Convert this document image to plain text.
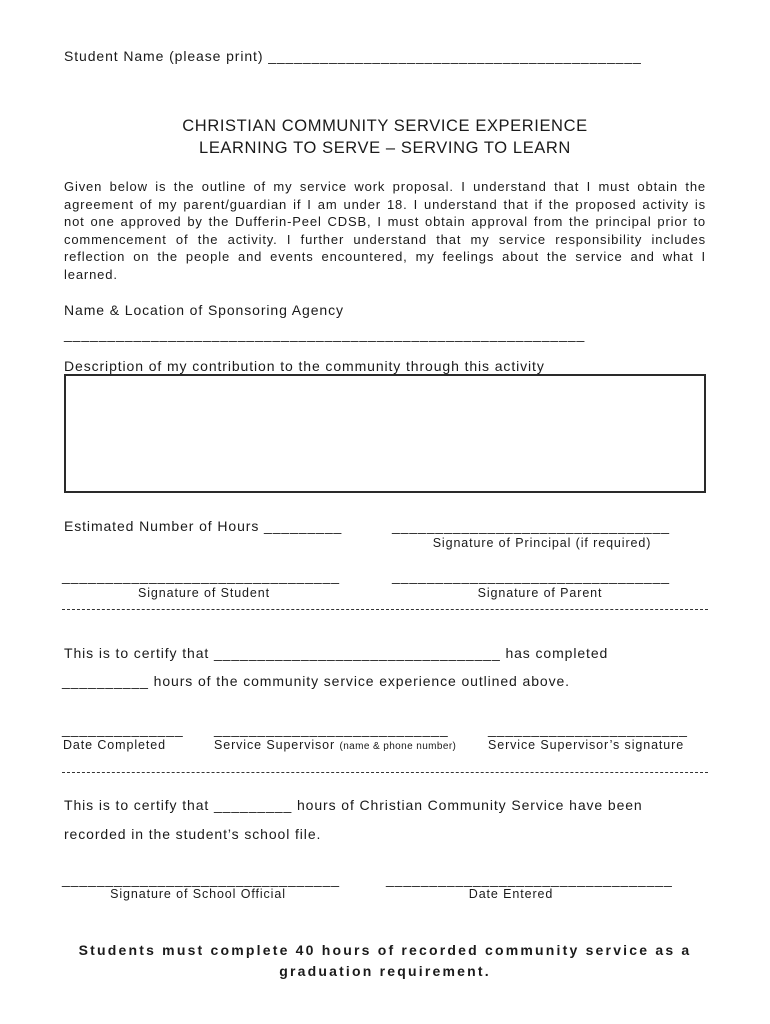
Student Name (please print) ___________________________________________
CHRISTIAN COMMUNITY SERVICE EXPERIENCE
LEARNING TO SERVE – SERVING TO LEARN
Given below is the outline of my service work proposal. I understand that I must obtain the agreement of my parent/guardian if I am under 18. I understand that if the proposed activity is not one approved by the Dufferin-Peel CDSB, I must obtain approval from the principal prior to commencement of the activity. I further understand that my service responsibility includes reflection on the people and events encountered, my feelings about the service and what I learned.
Name & Location of Sponsoring Agency
____________________________________________________________
Description of my contribution to the community through this activity
Estimated Number of Hours _________	________________________________
Signature of Principal (if required)
________________________________
Signature of Student
________________________________
Signature of Parent
This is to certify that _________________________________ has completed
__________ hours of the community service experience outlined above.
______________
Date Completed
___________________________
Service Supervisor (name & phone number)
_______________________
Service Supervisor’s signature
This is to certify that _________ hours of Christian Community Service have been
recorded in the student’s school file.
________________________________
Signature of School Official
_________________________________
Date Entered
Students must complete 40 hours of recorded community service as a
graduation requirement.
